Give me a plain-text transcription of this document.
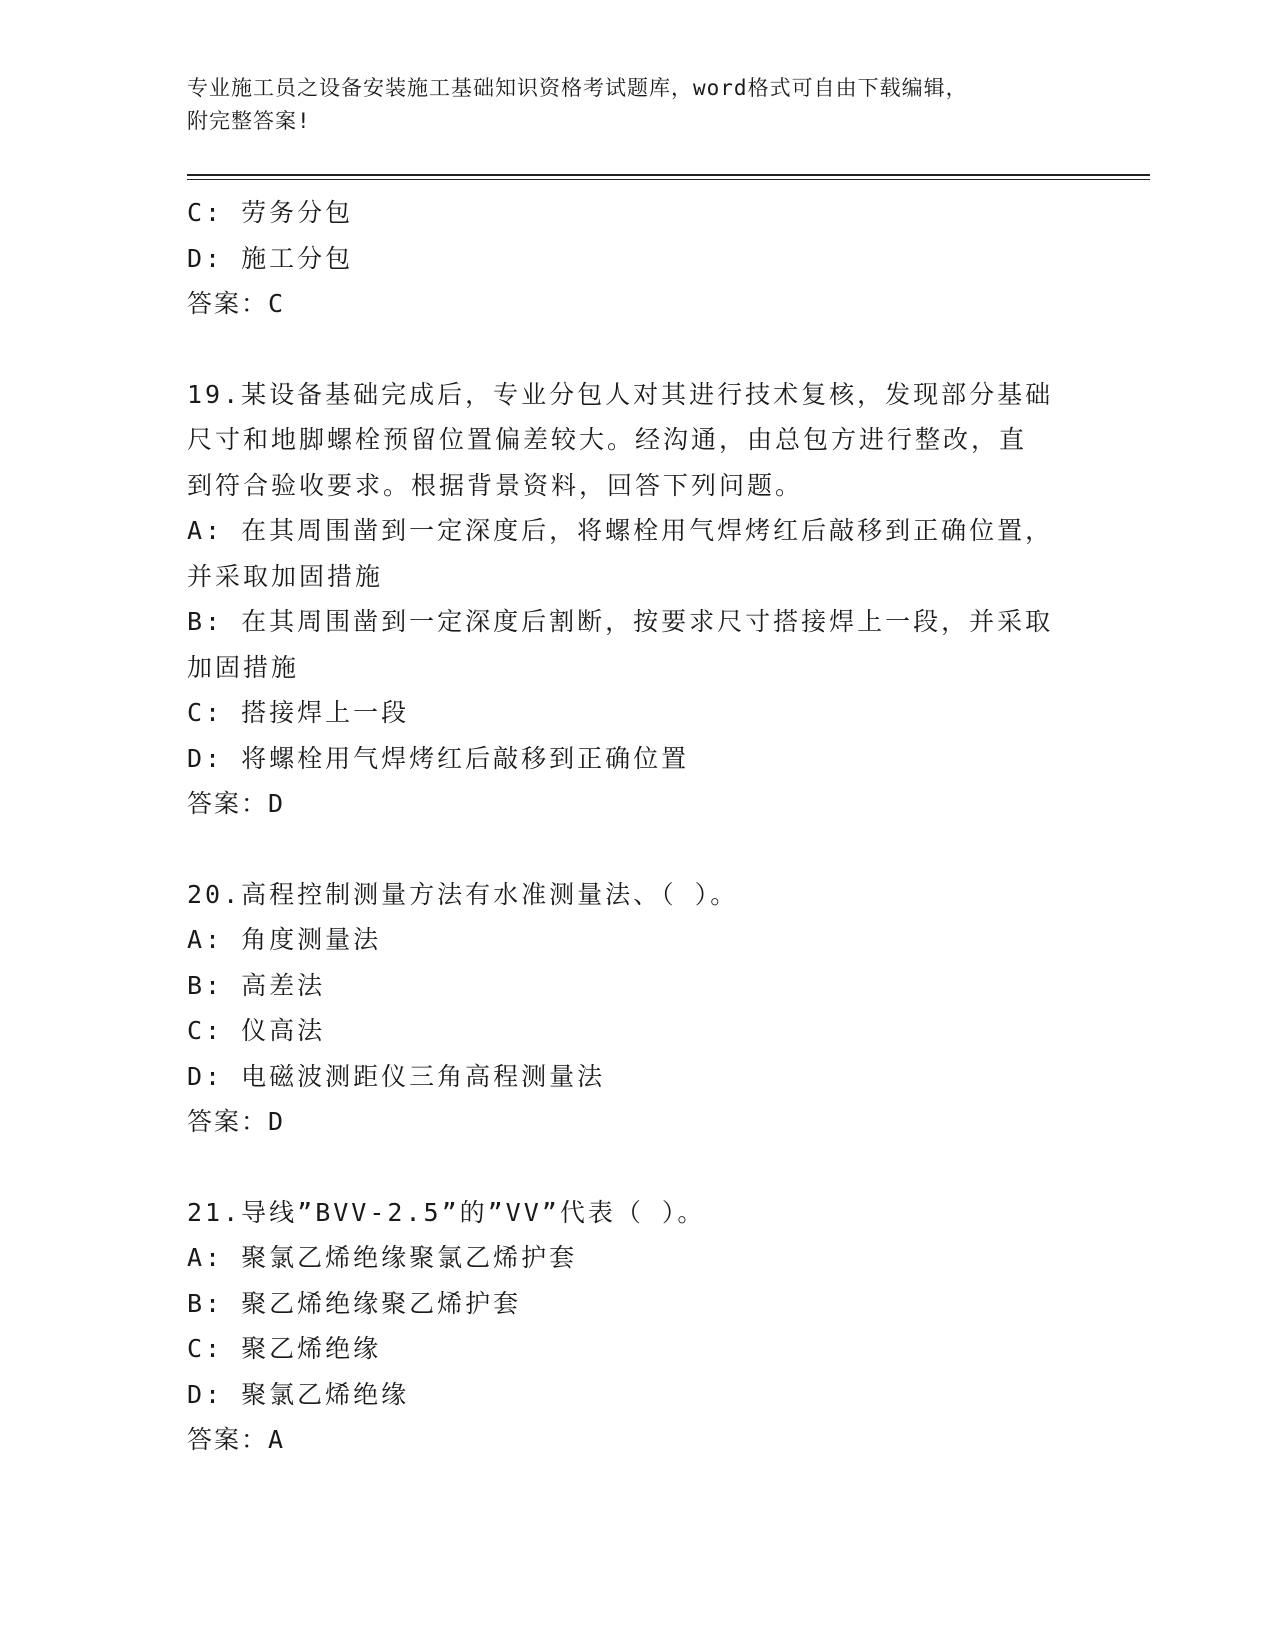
专业施工员之设备安装施工基础知识资格考试题库，word格式可自由下载编辑，
附完整答案!
C: 劳务分包
D: 施工分包
答案：C
19.某设备基础完成后，专业分包人对其进行技术复核，发现部分基础
尺寸和地脚螺栓预留位置偏差较大。经沟通，由总包方进行整改，直
到符合验收要求。根据背景资料，回答下列问题。
A: 在其周围凿到一定深度后，将螺栓用气焊烤红后敲移到正确位置，
并采取加固措施
B: 在其周围凿到一定深度后割断，按要求尺寸搭接焊上一段，并采取
加固措施
C: 搭接焊上一段
D: 将螺栓用气焊烤红后敲移到正确位置
答案：D
20.高程控制测量方法有水准测量法、（ ）。
A: 角度测量法
B: 高差法
C: 仪高法
D: 电磁波测距仪三角高程测量法
答案：D
21.导线”BVV-2.5”的”VV”代表（ ）。
A: 聚氯乙烯绝缘聚氯乙烯护套
B: 聚乙烯绝缘聚乙烯护套
C: 聚乙烯绝缘
D: 聚氯乙烯绝缘
答案：A
